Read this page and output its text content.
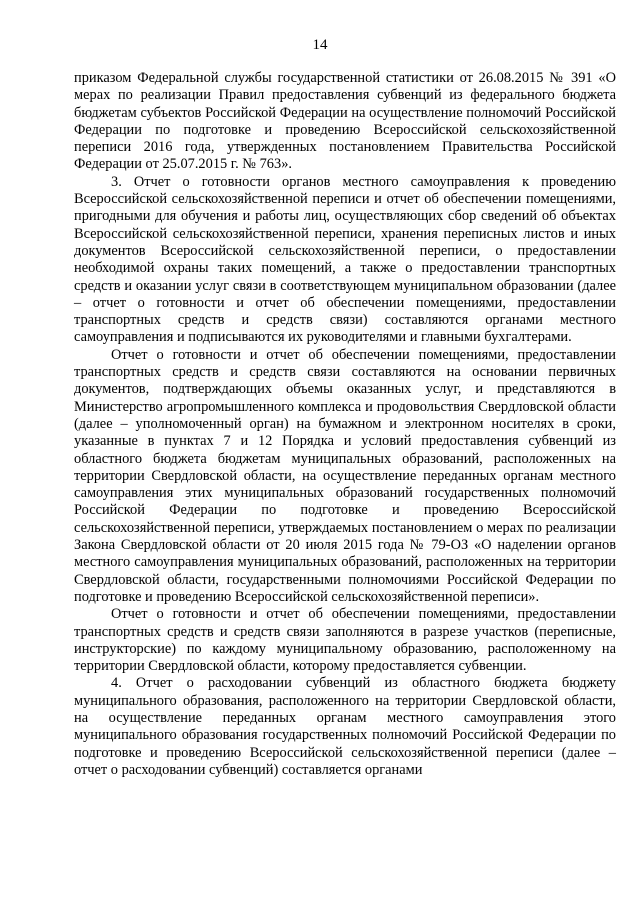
14

приказом Федеральной службы государственной статистики от 26.08.2015 № 391 «О мерах по реализации Правил предоставления субвенций из федерального бюджета бюджетам субъектов Российской Федерации на осуществление полномочий Российской Федерации по подготовке и проведению Всероссийской сельскохозяйственной переписи 2016 года, утвержденных постановлением Правительства Российской Федерации от 25.07.2015 г. № 763».

3. Отчет о готовности органов местного самоуправления к проведению Всероссийской сельскохозяйственной переписи и отчет об обеспечении помещениями, пригодными для обучения и работы лиц, осуществляющих сбор сведений об объектах Всероссийской сельскохозяйственной переписи, хранения переписных листов и иных документов Всероссийской сельскохозяйственной переписи, о предоставлении необходимой охраны таких помещений, а также о предоставлении транспортных средств и оказании услуг связи в соответствующем муниципальном образовании (далее – отчет о готовности и отчет об обеспечении помещениями, предоставлении транспортных средств и средств связи) составляются органами местного самоуправления и подписываются их руководителями и главными бухгалтерами.

Отчет о готовности и отчет об обеспечении помещениями, предоставлении транспортных средств и средств связи составляются на основании первичных документов, подтверждающих объемы оказанных услуг, и представляются в Министерство агропромышленного комплекса и продовольствия Свердловской области (далее – уполномоченный орган) на бумажном и электронном носителях в сроки, указанные в пунктах 7 и 12 Порядка и условий предоставления субвенций из областного бюджета бюджетам муниципальных образований, расположенных на территории Свердловской области, на осуществление переданных органам местного самоуправления этих муниципальных образований государственных полномочий Российской Федерации по подготовке и проведению Всероссийской сельскохозяйственной переписи, утверждаемых постановлением о мерах по реализации Закона Свердловской области от 20 июля 2015 года № 79-ОЗ «О наделении органов местного самоуправления муниципальных образований, расположенных на территории Свердловской области, государственными полномочиями Российской Федерации по подготовке и проведению Всероссийской сельскохозяйственной переписи».

Отчет о готовности и отчет об обеспечении помещениями, предоставлении транспортных средств и средств связи заполняются в разрезе участков (переписные, инструкторские) по каждому муниципальному образованию, расположенному на территории Свердловской области, которому предоставляется субвенции.

4. Отчет о расходовании субвенций из областного бюджета бюджету муниципального образования, расположенного на территории Свердловской области, на осуществление переданных органам местного самоуправления этого муниципального образования государственных полномочий Российской Федерации по подготовке и проведению Всероссийской сельскохозяйственной переписи (далее – отчет о расходовании субвенций) составляется органами
